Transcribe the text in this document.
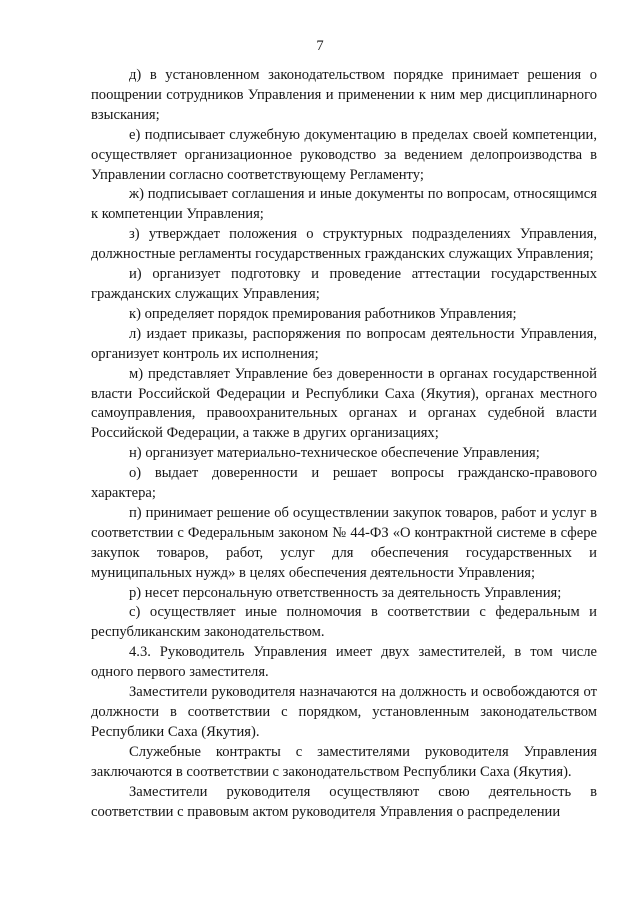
7

д) в установленном законодательством порядке принимает решения о поощрении сотрудников Управления и применении к ним мер дисциплинарного взыскания;

е) подписывает служебную документацию в пределах своей компетенции, осуществляет организационное руководство за ведением делопроизводства в Управлении согласно соответствующему Регламенту;

ж) подписывает соглашения и иные документы по вопросам, относящимся к компетенции Управления;

з) утверждает положения о структурных подразделениях Управления, должностные регламенты государственных гражданских служащих Управления;

и) организует подготовку и проведение аттестации государственных гражданских служащих Управления;

к) определяет порядок премирования работников Управления;

л) издает приказы, распоряжения по вопросам деятельности Управления, организует контроль их исполнения;

м) представляет Управление без доверенности в органах государственной власти Российской Федерации и Республики Саха (Якутия), органах местного самоуправления, правоохранительных органах и органах судебной власти Российской Федерации, а также в других организациях;

н) организует материально-техническое обеспечение Управления;

о) выдает доверенности и решает вопросы гражданско-правового характера;

п) принимает решение об осуществлении закупок товаров, работ и услуг в соответствии с Федеральным законом № 44-ФЗ «О контрактной системе в сфере закупок товаров, работ, услуг для обеспечения государственных и муниципальных нужд» в целях обеспечения деятельности Управления;

р) несет персональную ответственность за деятельность Управления;

с) осуществляет иные полномочия в соответствии с федеральным и республиканским законодательством.

4.3. Руководитель Управления имеет двух заместителей, в том числе одного первого заместителя.

Заместители руководителя назначаются на должность и освобождаются от должности в соответствии с порядком, установленным законодательством Республики Саха (Якутия).

Служебные контракты с заместителями руководителя Управления заключаются в соответствии с законодательством Республики Саха (Якутия).

Заместители руководителя осуществляют свою деятельность в соответствии с правовым актом руководителя Управления о распределении
